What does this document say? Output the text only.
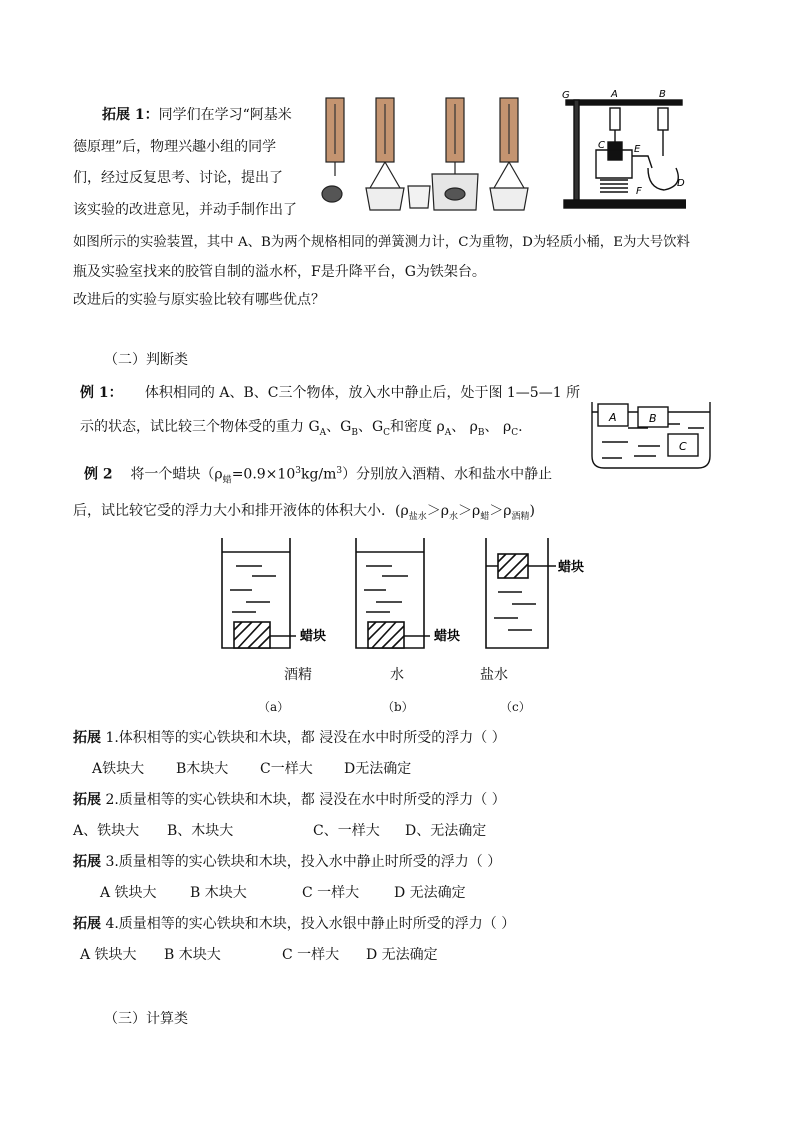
拓展 1：同学们在学习“阿基米
德原理”后，物理兴趣小组的同学
们，经过反复思考、讨论，提出了
该实验的改进意见，并动手制作出了
如图所示的实验装置，其中 A、B为两个规格相同的弹簧测力计，C为重物，D为轻质小桶，E为大号饮料
瓶及实验室找来的胶管自制的溢水杯，F是升降平台，G为铁架台。
改进后的实验与原实验比较有哪些优点？
G	A	B
C	E
F
D
（二）判断类
例 1： 体积相同的 A、B、C三个物体，放入水中静止后，处于图 1—5—1 所
示的状态，试比较三个物体受的重力 $G_A$、$G_B$、$G_C$和密度 $\rho_A$、 $\rho_B$、 $\rho_C$.
A	B
C
例 2 将一个蜡块$(\rho_蜡=0.9\times 10^3kg/m^3)$分别放入酒精、水和盐水中静止
后，试比较它受的浮力大小和排开液体的体积大小．$(\rho_{盐水}>\rho_水>\rho_蜡>\rho_{酒精})$
蜡块	蜡块
蜡块
酒精	水	盐水
（a）	（b）	（c）
拓展 1.体积相等的实心铁块和木块，都 浸没在水中时所受的浮力（ ）
A铁块大 B木块大 C一样大 D无法确定
拓展 2.质量相等的实心铁块和木块，都 浸没在水中时所受的浮力（ ）
A、铁块大 B、木块大	C、一样大 D、无法确定
拓展 3.质量相等的实心铁块和木块，投入水中静止时所受的浮力（ ）
A 铁块大 B 木块大	C 一样大 D 无法确定
拓展 4.质量相等的实心铁块和木块，投入水银中静止时所受的浮力（ ）
A 铁块大 B 木块大	C 一样大 D 无法确定
（三）计算类
